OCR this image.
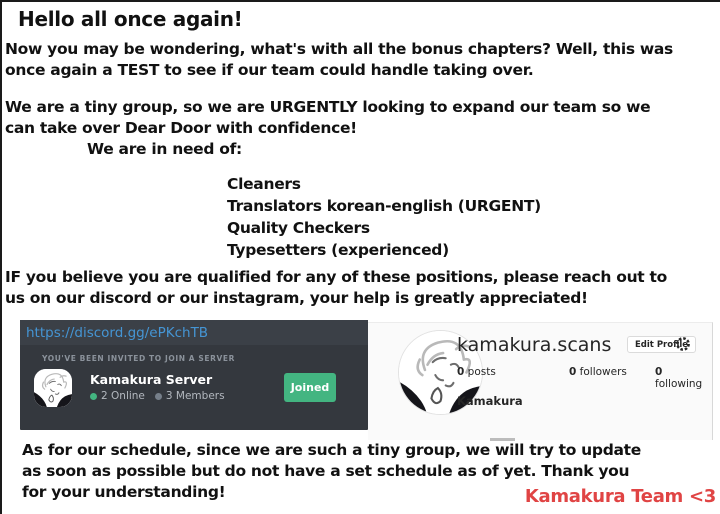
Hello all once again!
Now you may be wondering, what's with all the bonus chapters? Well, this was
once again a TEST to see if our team could handle taking over.
We are a tiny group, so we are URGENTLY looking to expand our team so we
can take over Dear Door with confidence!
We are in need of:
Cleaners
Translators korean-english (URGENT)
Quality Checkers
Typesetters (experienced)
IF you believe you are qualified for any of these positions, please reach out to
us on our discord or our instagram, your help is greatly appreciated!
https://discord.gg/ePKchTB
YOU'VE BEEN INVITED TO JOIN A SERVER
Kamakura Server
2 Online 3 Members
Joined
kamakura.scans	Edit Profile
0 posts	0 followers	0 following
Kamakura
As for our schedule, since we are such a tiny group, we will try to update
as soon as possible but do not have a set schedule as of yet. Thank you
for your understanding!	Kamakura Team <3
